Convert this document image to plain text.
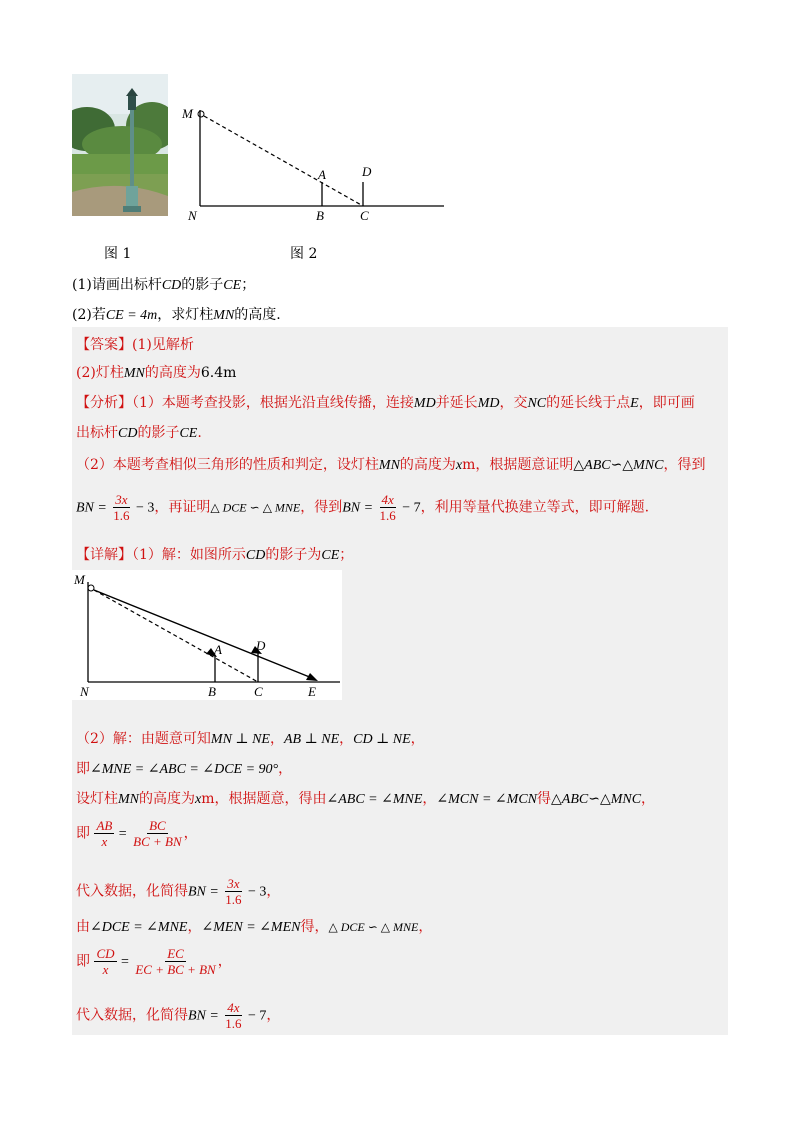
M
N
A
B	C
D
图 1	图 2
(1)请画出标杆CD的影子CE；
(2)若CE = 4m，求灯柱MN的高度.
【答案】(1)见解析
(2)灯柱MN的高度为6.4m
【分析】（1）本题考查投影，根据光沿直线传播，连接MD并延长MD，交NC的延长线于点E，即可画
出标杆CD的影子CE.
（2）本题考查相似三角形的性质和判定，设灯柱MN的高度为xm，根据题意证明△ABC∽△MNC，得到
BN = $\frac{3x}{1.6} - 3$，再证明△ DCE ∽ △ MNE，得到BN = $\frac{4x}{1.6} - 7$，利用等量代换建立等式，即可解题.
【详解】（1）解：如图所示CD的影子为CE；
M
N
A
B	C
D
E
（2）解：由题意可知MN ⊥ NE，AB ⊥ NE，CD ⊥ NE，
即∠MNE = ∠ABC = ∠DCE = 90°，
设灯柱MN的高度为xm，根据题意，得由∠ABC = ∠MNE，∠MCN = ∠MCN得△ABC∽△MNC，
即 $\frac{AB}{x} = \frac{BC}{BC + BN}$ ，
代入数据，化简得BN = $\frac{3x}{1.6} - 3$，
由∠DCE = ∠MNE，∠MEN = ∠MEN得，△ DCE ∽ △ MNE，
即 $\frac{CD}{x} = \frac{EC}{EC + BC + BN}$ ，
代入数据，化简得BN = $\frac{4x}{1.6} - 7$，
